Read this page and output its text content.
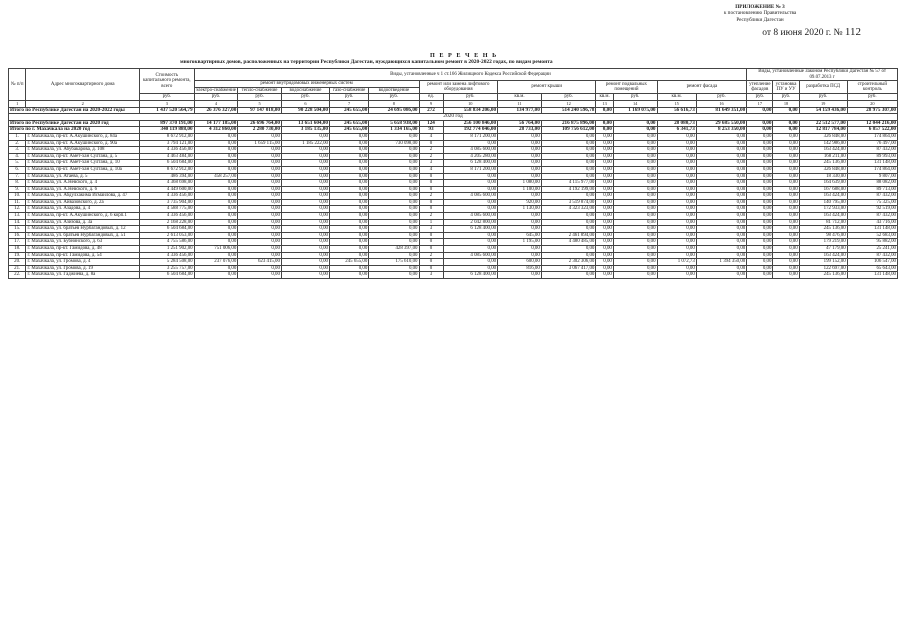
ПРИЛОЖЕНИЕ № 3
к постановлению Правительства
Республики Дагестан
от 8 июня 2020 г. № 112
П Е Р Е Ч Е Н Ь
многоквартирных домов, расположенных на территории Республики Дагестан, нуждающихся капитальном ремонт в 2020-2022 годах, по видам ремонта
№ п/п	Адрес многоквартирного дома	Стоимость капитального ремонта, всего	Виды, установленные ч 1 ст.166 Жилищного Кодекса Российской Федерации													Виды, установленные Законом Республики Дагестан № 57 от 09.07.2013 г			
			ремонт внутридомовых инженерных систем					ремонт или замена лифтового оборудования		ремонт крыши		ремонт подвальных помещений		ремонт фасада		утепление фасадов	установка ПУ и УУ	разработка ПСД	строительный контроль
			электро-снабжение	тепло-снабжение	водоснабжение	газо-снабжение	водоотведение												
		руб.	руб.	руб.	руб.	руб.	руб.	ед.	руб.	кв.м.	руб.	кв.м.	руб.	кв.м.	руб.	руб.	руб.	руб.	руб.
1	2	3	4	5	6	7	8	9	10	11	12	13	14	15	16	17	18	19	20
Итого по Республике Дагестан на 2020-2022 годы		1 437 520 564,79	26 376 327,00	97 147 018,00	90 228 504,00	245 655,00	24 695 086,00	272	558 834 206,00	134 977,00	514 240 596,78	0,00	1 169 075,00	56 616,73	81 649 351,00	0,00	0,00	54 159 436,00	28 975 307,00
2020 год																			
Итого по Республике Дагестан на 2020 год		897 370 191,00	14 177 185,00	26 696 764,00	13 651 604,00	245 655,00	5 658 938,00	124	256 100 846,00	56 764,00	216 875 896,00	0,00	0,00	28 080,73	29 685 550,00	0,00	0,00	22 512 577,00	12 044 216,00
Итого по г. Махачкала на 2020 год		340 119 888,00	4 312 860,00	2 280 730,00	3 185 135,00	245 655,00	1 334 165,00	93	192 774 046,00	28 733,00	109 756 612,00	0,00	0,00	6 341,73	8 253 350,00	0,00	0,00	12 817 784,00	6 857 522,00
1.	г. Махачкала, пр-кт. А.Акушинского, д. 84а	8 672 912,00	0,00	0,00	0,00	0,00	0,00	4	8 171 200,00	0,00	0,00	0,00	0,00	0,00	0,00	0,00	0,00	326 848,00	174 864,00
2.	г. Махачкала, пр-кт. А.Акушинского, д. 90а	3 794 121,00	0,00	1 659 115,00	1 185 222,00	0,00	730 098,00	0	0,00	0,00	0,00	0,00	0,00	0,00	0,00	0,00	0,00	142 986,00	76 497,00
3.	г. Махачкала, ул. Абубакарова, д. 108	4 336 456,00	0,00	0,00	0,00	0,00	0,00	2	4 085 600,00	0,00	0,00	0,00	0,00	0,00	0,00	0,00	0,00	163 424,00	87 432,00
4.	г. Махачкала, пр-кт. Амет-хан Султана, д. 5	4 463 484,00	0,00	0,00	0,00	0,00	0,00	2	4 205 280,00	0,00	0,00	0,00	0,00	0,00	0,00	0,00	0,00	168 211,00	89 993,00
5.	г. Махачкала, пр-кт. Амет-хан Султана, д. 10	6 504 684,00	0,00	0,00	0,00	0,00	0,00	3	6 128 400,00	0,00	0,00	0,00	0,00	0,00	0,00	0,00	0,00	245 136,00	131 148,00
6.	г. Махачкала, пр-кт. Амет-хан Султана, д. 10а	8 672 912,00	0,00	0,00	0,00	0,00	0,00	4	8 171 200,00	0,00	0,00	0,00	0,00	0,00	0,00	0,00	0,00	326 848,00	174 864,00
7.	г. Махачкала, ул. Атаева, д. 5	486 394,00	458 257,00	0,00	0,00	0,00	0,00	0	0,00	0,00	0,00	0,00	0,00	0,00	0,00	0,00	0,00	18 330,00	9 807,00
8.	г. Махачкала, ул. А.Невского, д. 4	4 368 698,00	0,00	0,00	0,00	0,00	0,00	0	0,00	1 080,00	4 115 977,00	0,00	0,00	0,00	0,00	0,00	0,00	164 639,00	88 082,00
9.	г. Махачкала, ул. А.Невского, д. 6	4 449 600,00	0,00	0,00	0,00	0,00	0,00	0	0,00	1 100,00	4 192 199,00	0,00	0,00	0,00	0,00	0,00	0,00	167 688,00	89 713,00
10.	г. Махачкала, ул. Абдулхакима Исмаилова, д. 47	4 336 456,00	0,00	0,00	0,00	0,00	0,00	2	4 085 600,00	0,00	0,00	0,00	0,00	0,00	0,00	0,00	0,00	163 424,00	87 432,00
11.	г. Махачкала, ул. Айвазовского, д. 2а	3 735 904,00	0,00	0,00	0,00	0,00	0,00	0	0,00	920,00	3 519 874,00	0,00	0,00	0,00	0,00	0,00	0,00	140 795,00	75 325,00
12.	г. Махачкала, ул. Азадова, д. 4	4 588 775,00	0,00	0,00	0,00	0,00	0,00	0	0,00	1 130,00	4 323 323,00	0,00	0,00	0,00	0,00	0,00	0,00	172 933,00	92 519,00
13.	г. Махачкала, пр-кт. А.Акушинского, д. 6 корп.1	4 336 456,00	0,00	0,00	0,00	0,00	0,00	2	4 085 600,00	0,00	0,00	0,00	0,00	0,00	0,00	0,00	0,00	163 424,00	87 432,00
14.	г. Махачкала, ул. Азизова, д. 3а	2 168 228,00	0,00	0,00	0,00	0,00	0,00	1	2 042 800,00	0,00	0,00	0,00	0,00	0,00	0,00	0,00	0,00	81 712,00	43 716,00
15.	г. Махачкала, ул. братьев Нурбагандовых, д. 12	6 504 684,00	0,00	0,00	0,00	0,00	0,00	3	6 128 400,00	0,00	0,00	0,00	0,00	0,00	0,00	0,00	0,00	245 136,00	131 148,00
16.	г. Махачкала, ул. братьев Нурбагандовых, д. 51	2 613 053,00	0,00	0,00	0,00	0,00	0,00	0	0,00	645,00	2 461 894,00	0,00	0,00	0,00	0,00	0,00	0,00	98 476,00	52 683,00
17.	г. Махачкала, ул. Бубнинского, д. 63	4 755 586,00	0,00	0,00	0,00	0,00	0,00	0	0,00	1 195,00	4 480 485,00	0,00	0,00	0,00	0,00	0,00	0,00	179 219,00	95 882,00
18.	г. Махачкала, пр-кт. Гамидова, д. 48	1 251 902,00	751 006,00	0,00	0,00	0,00	428 397,00	0	0,00	0,00	0,00	0,00	0,00	0,00	0,00	0,00	0,00	47 179,00	25 241,00
19.	г. Махачкала, пр-кт. Гамидова, д. 54	4 336 456,00	0,00	0,00	0,00	0,00	0,00	2	4 085 600,00	0,00	0,00	0,00	0,00	0,00	0,00	0,00	0,00	163 424,00	87 432,00
20.	г. Махачкала, ул. Громова, д. 4	5 284 508,00	237 076,00	623 415,00	0,00	245 655,00	175 610,00	0	0,00	600,00	2 302 306,00	0,00	0,00	1 072,73	1 394 350,00	0,00	0,00	199 152,00	106 547,00
21.	г. Махачкала, ул. Громова, д. 19	3 255 757,00	0,00	0,00	0,00	0,00	0,00	0	0,00	816,00	3 067 417,00	0,00	0,00	0,00	0,00	0,00	0,00	122 697,00	65 643,00
22.	г. Махачкала, ул. Гаджиева, д. 8а	6 504 684,00	0,00	0,00	0,00	0,00	0,00	3	6 128 400,00	0,00	0,00	0,00	0,00	0,00	0,00	0,00	0,00	245 136,00	131 148,00
